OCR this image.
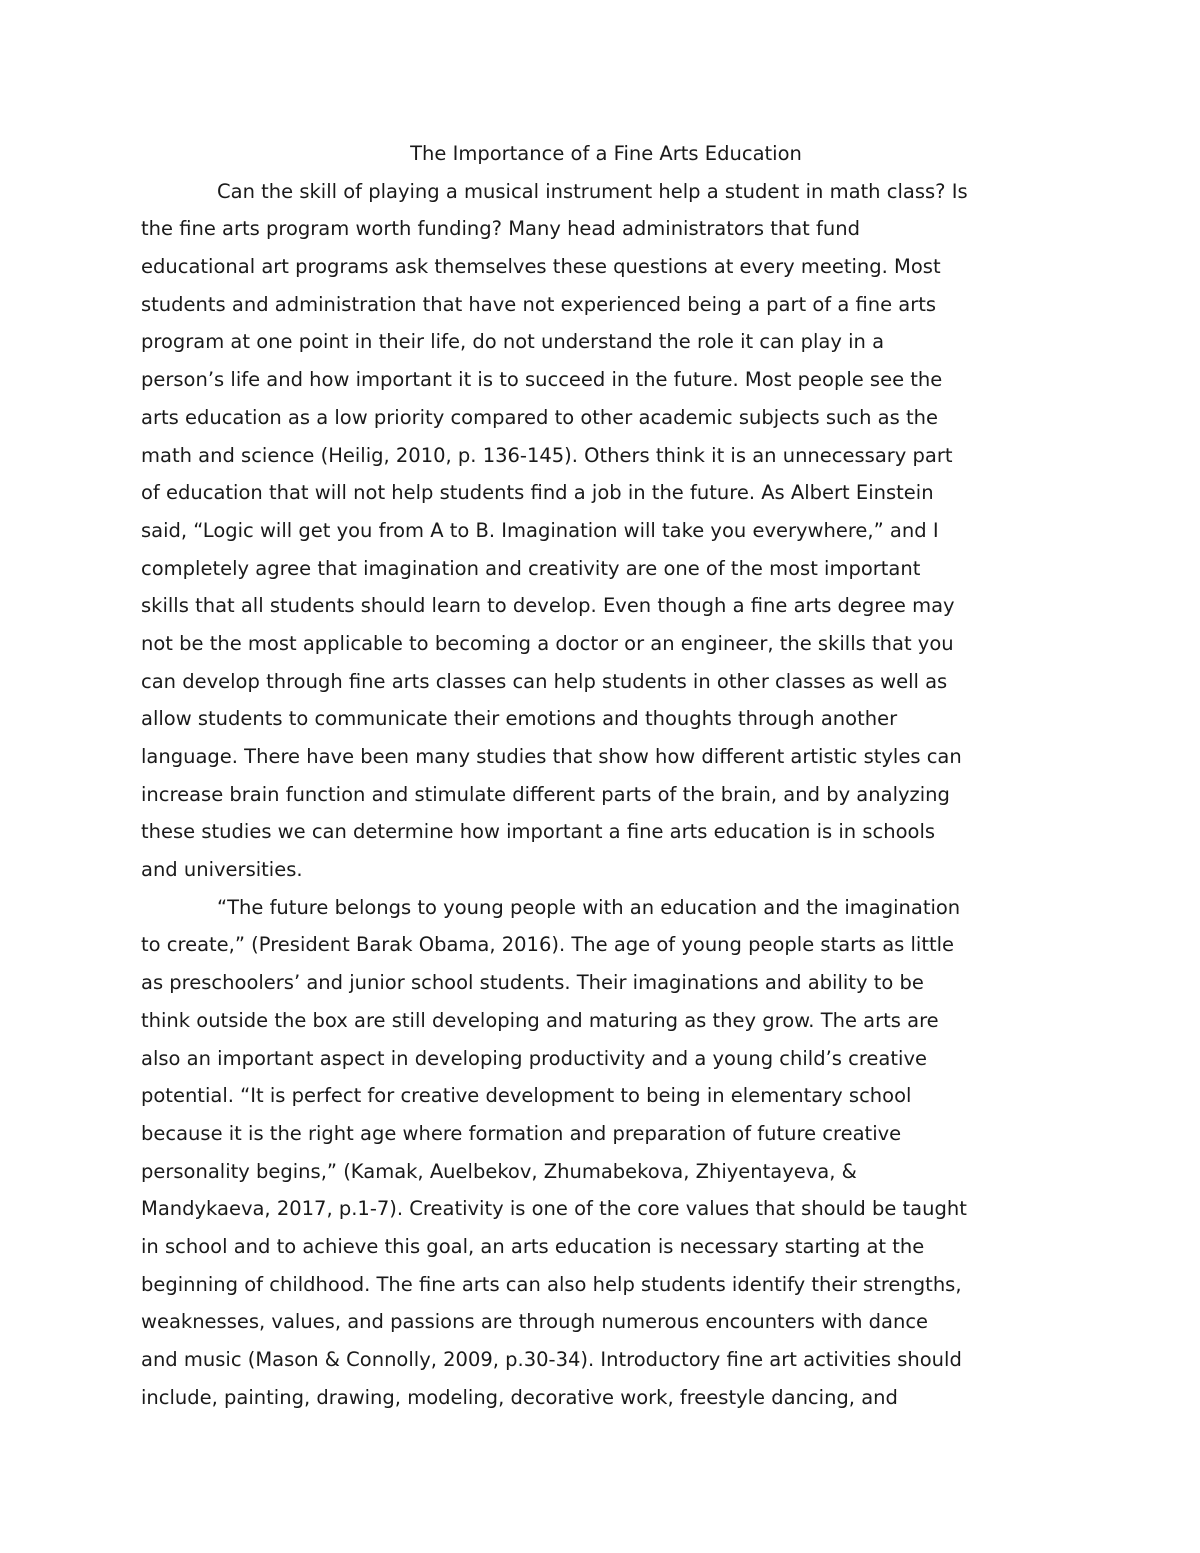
The Importance of a Fine Arts Education
Can the skill of playing a musical instrument help a student in math class? Is
the fine arts program worth funding? Many head administrators that fund
educational art programs ask themselves these questions at every meeting. Most
students and administration that have not experienced being a part of a fine arts
program at one point in their life, do not understand the role it can play in a
person’s life and how important it is to succeed in the future. Most people see the
arts education as a low priority compared to other academic subjects such as the
math and science (Heilig, 2010, p. 136-145). Others think it is an unnecessary part
of education that will not help students find a job in the future. As Albert Einstein
said, “Logic will get you from A to B. Imagination will take you everywhere,” and I
completely agree that imagination and creativity are one of the most important
skills that all students should learn to develop. Even though a fine arts degree may
not be the most applicable to becoming a doctor or an engineer, the skills that you
can develop through fine arts classes can help students in other classes as well as
allow students to communicate their emotions and thoughts through another
language. There have been many studies that show how different artistic styles can
increase brain function and stimulate different parts of the brain, and by analyzing
these studies we can determine how important a fine arts education is in schools
and universities.
“The future belongs to young people with an education and the imagination
to create,” (President Barak Obama, 2016). The age of young people starts as little
as preschoolers’ and junior school students. Their imaginations and ability to be
think outside the box are still developing and maturing as they grow. The arts are
also an important aspect in developing productivity and a young child’s creative
potential. “It is perfect for creative development to being in elementary school
because it is the right age where formation and preparation of future creative
personality begins,” (Kamak, Auelbekov, Zhumabekova, Zhiyentayeva, &
Mandykaeva, 2017, p.1-7). Creativity is one of the core values that should be taught
in school and to achieve this goal, an arts education is necessary starting at the
beginning of childhood. The fine arts can also help students identify their strengths,
weaknesses, values, and passions are through numerous encounters with dance
and music (Mason & Connolly, 2009, p.30-34). Introductory fine art activities should
include, painting, drawing, modeling, decorative work, freestyle dancing, and
